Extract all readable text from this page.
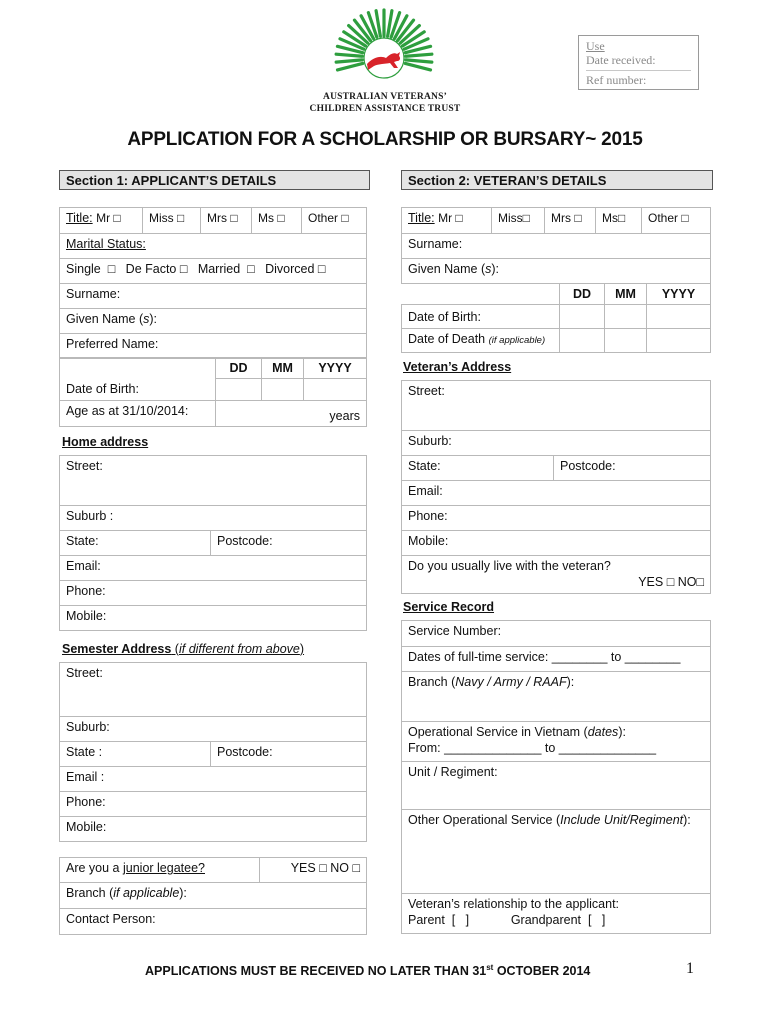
AUSTRALIAN VETERANS’
CHILDREN ASSISTANCE TRUST
Use
Date received:
Ref number:
APPLICATION FOR A SCHOLARSHIP OR BURSARY~ 2015
Section 1: APPLICANT’S DETAILS	Section 2: VETERAN’S DETAILS
Title: Mr □	Miss □	Mrs □	Ms □	Other □
Marital Status:
Single  □   De Facto □   Married  □   Divorced □
Surname:
Given Name (s):
Preferred Name:
Date of Birth:	DD	MM	YYYY

Age as at 31/10/2014:	years		
Home address
Street:
Suburb :
State:	Postcode:
Email:
Phone:
Mobile:
Semester Address (if different from above)
Street:
Suburb:
State :	Postcode:
Email :
Phone:
Mobile:
Are you a junior legatee?	YES □ NO □
Branch (if applicable):
Contact Person:
Title: Mr □	Miss□	Mrs □	Ms□	Other □
Surname:
Given Name (s):
	DD	MM	YYYY
Date of Birth:			
Date of Death (if applicable)			
Veteran’s Address
Street:
Suburb:
State:	Postcode:
Email:
Phone:
Mobile:

Do you usually live with the veteran?
YES □ NO□
Service Record
Service Number:
Dates of full-time service: ________ to ________
Branch (Navy / Army / RAAF):

Operational Service in Vietnam (dates):
From: ______________ to ______________

Unit / Regiment:
Other Operational Service (Include Unit/Regiment):

Veteran’s relationship to the applicant:
Parent  [   ]            Grandparent  [   ]
APPLICATIONS MUST BE RECEIVED NO LATER THAN 31st OCTOBER 2014	1
